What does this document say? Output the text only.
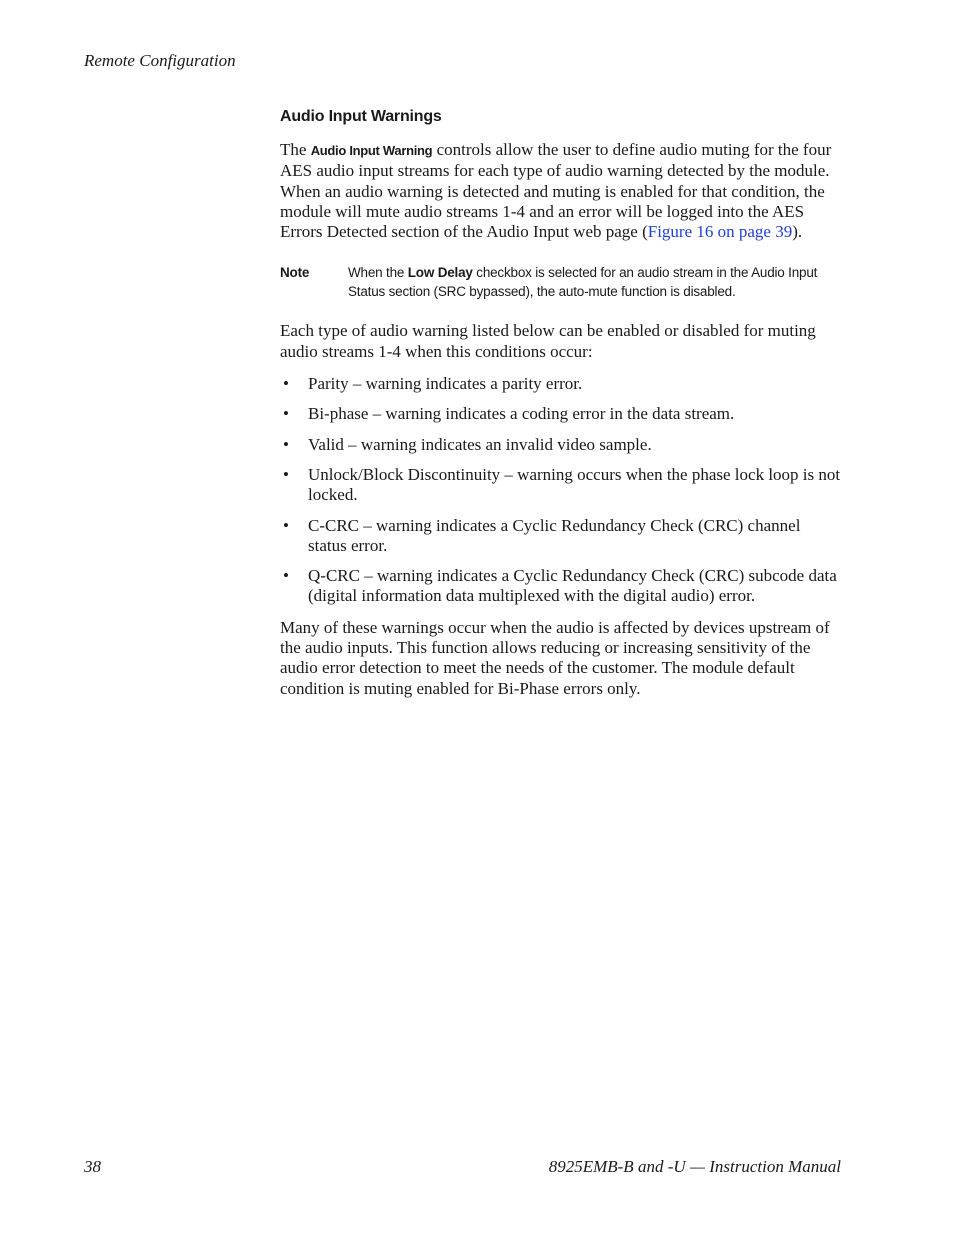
Remote Configuration
Audio Input Warnings

The Audio Input Warning controls allow the user to define audio muting for the four AES audio input streams for each type of audio warning detected by the module. When an audio warning is detected and muting is enabled for that condition, the module will mute audio streams 1-4 and an error will be logged into the AES Errors Detected section of the Audio Input web page (Figure 16 on page 39).

Note	When the Low Delay checkbox is selected for an audio stream in the Audio Input Status section (SRC bypassed), the auto-mute function is disabled.

Each type of audio warning listed below can be enabled or disabled for muting audio streams 1-4 when this conditions occur:

• Parity – warning indicates a parity error.
• Bi-phase – warning indicates a coding error in the data stream.
• Valid – warning indicates an invalid video sample.
• Unlock/Block Discontinuity – warning occurs when the phase lock loop is not locked.
• C-CRC – warning indicates a Cyclic Redundancy Check (CRC) channel status error.
• Q-CRC – warning indicates a Cyclic Redundancy Check (CRC) subcode data (digital information data multiplexed with the digital audio) error.

Many of these warnings occur when the audio is affected by devices upstream of the audio inputs. This function allows reducing or increasing sensitivity of the audio error detection to meet the needs of the customer. The module default condition is muting enabled for Bi-Phase errors only.

38	8925EMB-B and -U — Instruction Manual
